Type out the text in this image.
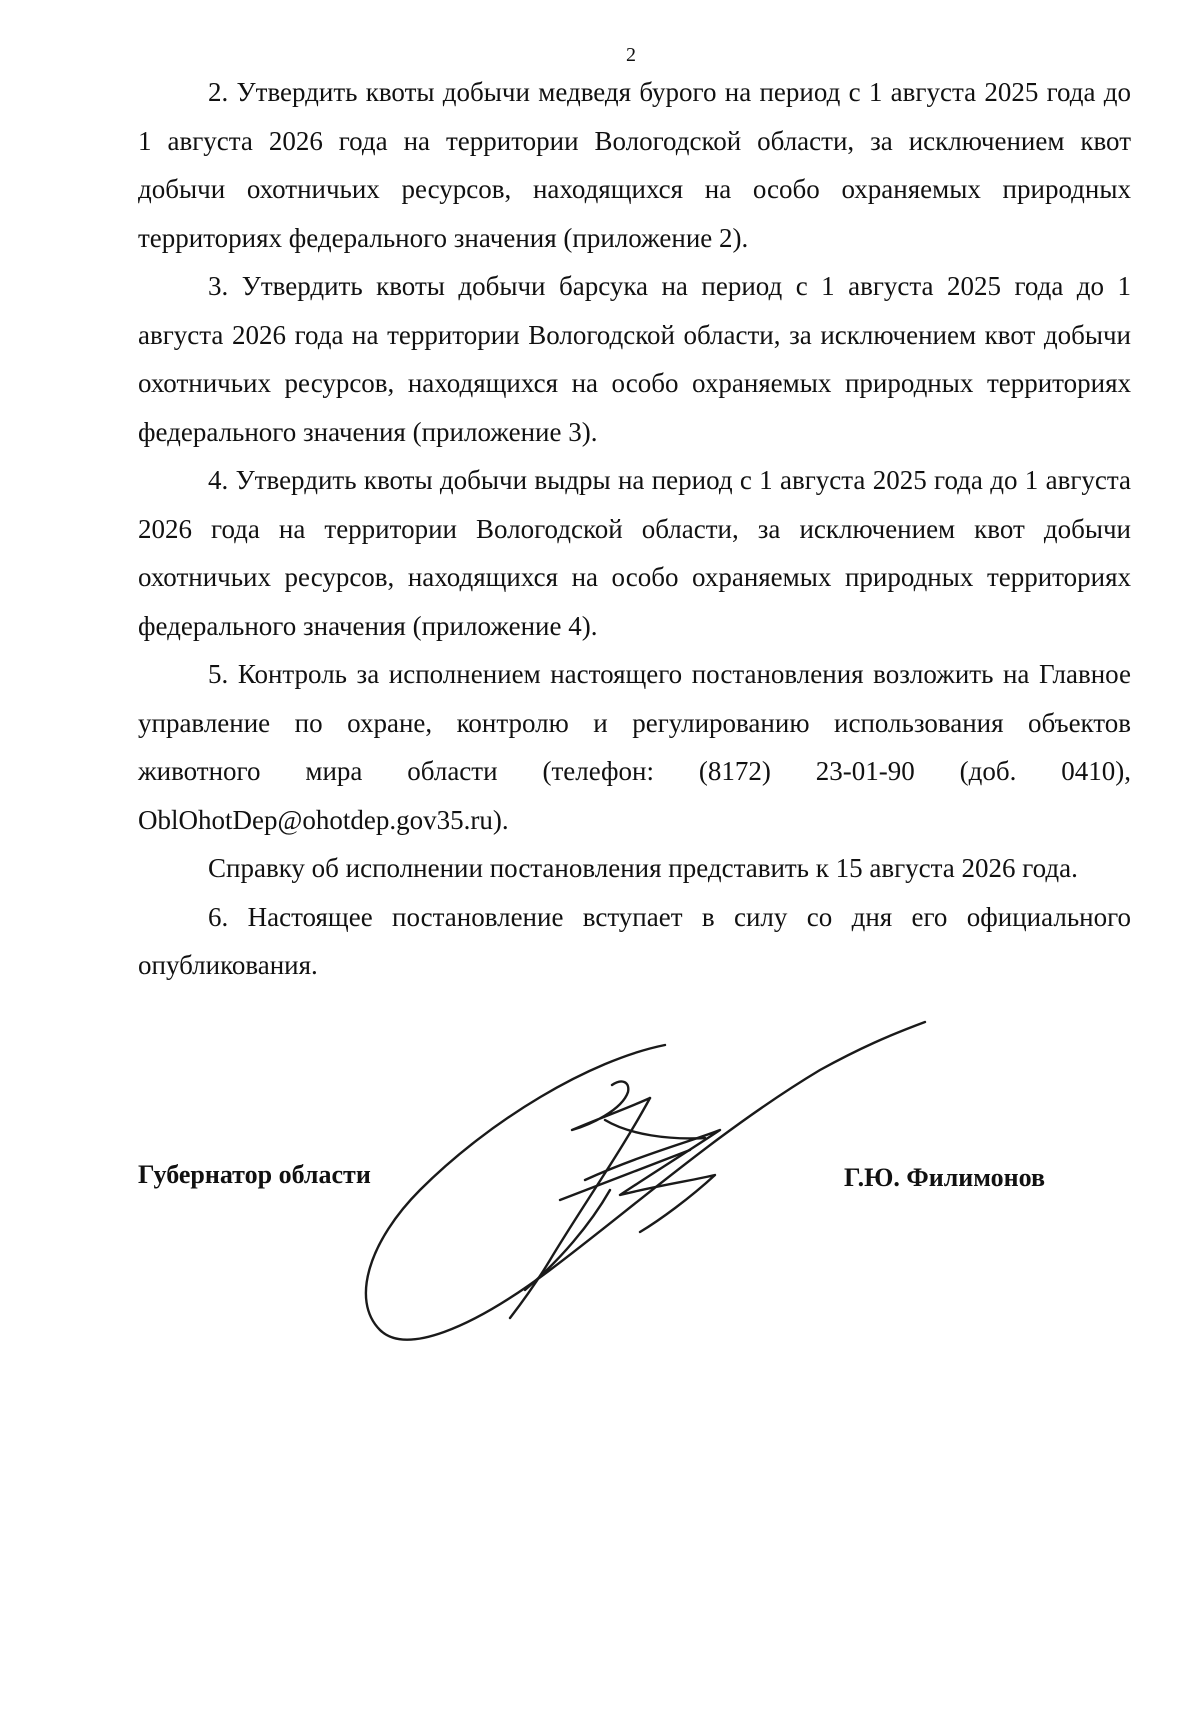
2

2. Утвердить квоты добычи медведя бурого на период с 1 августа 2025 года до 1 августа 2026 года на территории Вологодской области, за исключением квот добычи охотничьих ресурсов, находящихся на особо охраняемых природных территориях федерального значения (приложение 2).

3. Утвердить квоты добычи барсука на период с 1 августа 2025 года до 1 августа 2026 года на территории Вологодской области, за исключением квот добычи охотничьих ресурсов, находящихся на особо охраняемых природных территориях федерального значения (приложение 3).

4. Утвердить квоты добычи выдры на период с 1 августа 2025 года до 1 августа 2026 года на территории Вологодской области, за исключением квот добычи охотничьих ресурсов, находящихся на особо охраняемых природных территориях федерального значения (приложение 4).

5. Контроль за исполнением настоящего постановления возложить на Главное управление по охране, контролю и регулированию использования объектов животного мира области (телефон: (8172) 23-01-90 (доб. 0410), OblOhotDep@ohotdep.gov35.ru).

Справку об исполнении постановления представить к 15 августа 2026 года.

6. Настоящее постановление вступает в силу со дня его официального опубликования.

Губернатор области	Г.Ю. Филимонов
